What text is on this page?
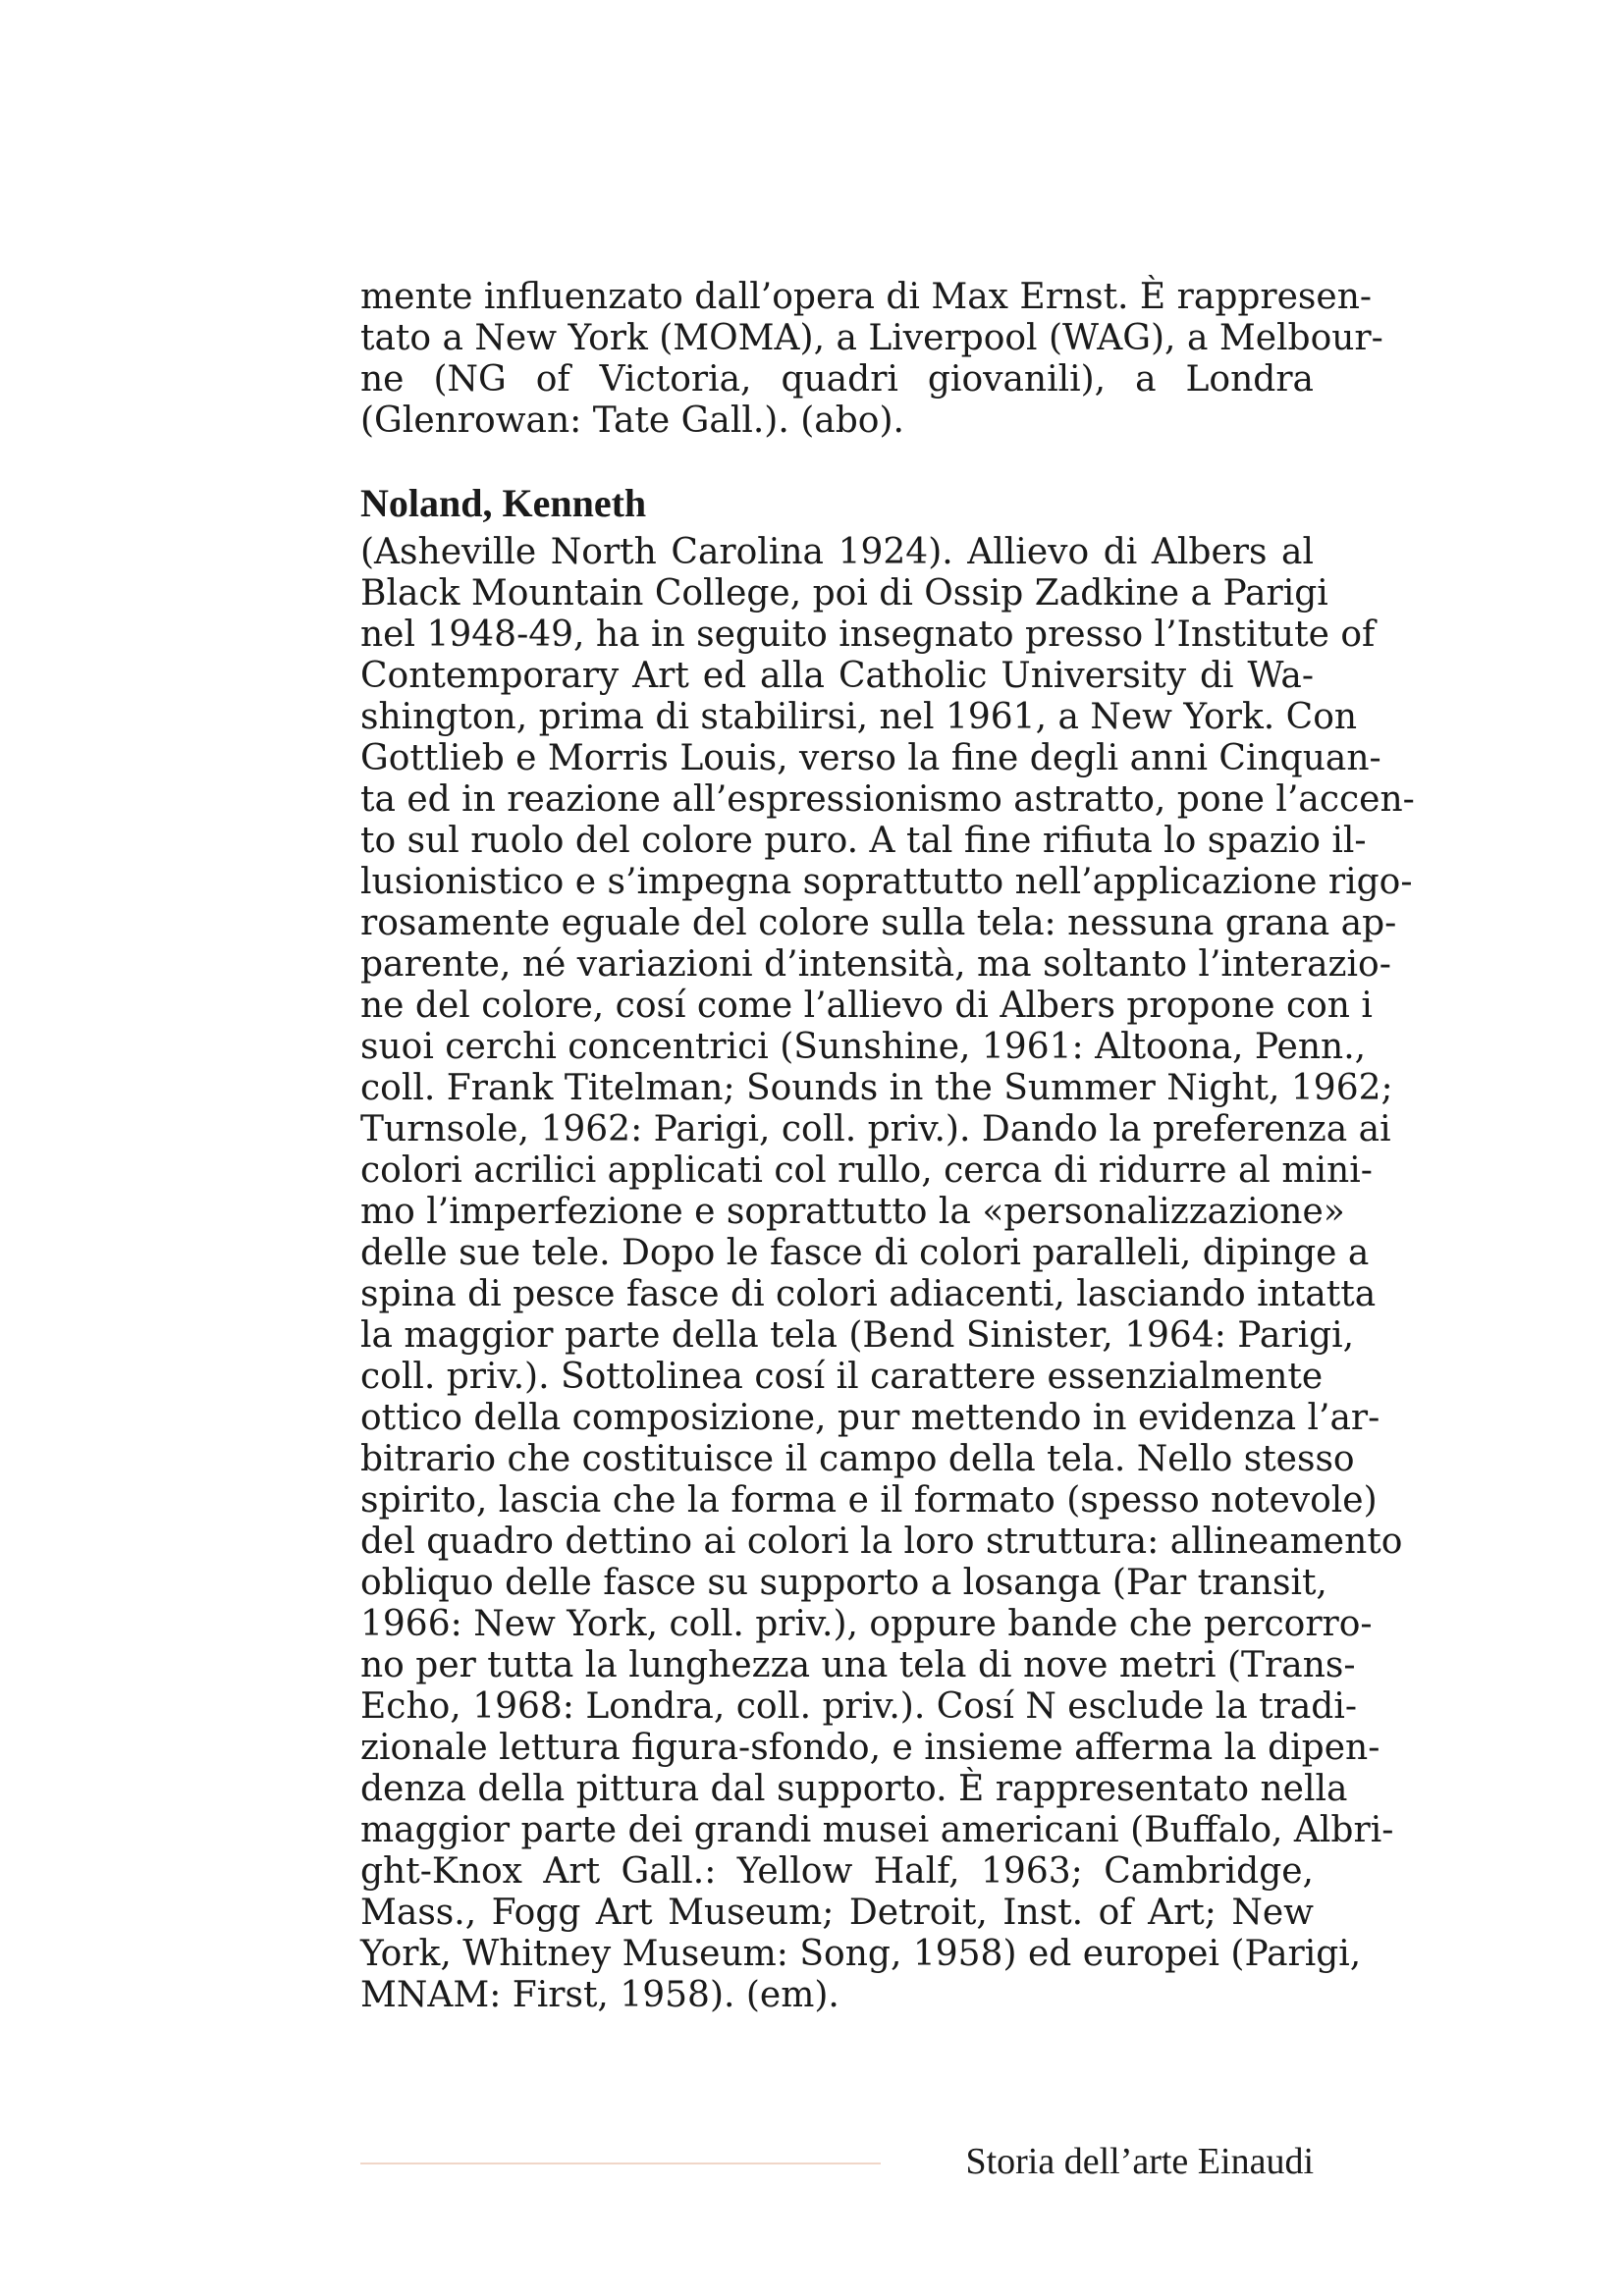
mente influenzato dall’opera di Max Ernst. È rappresen-
tato a New York (MOMA), a Liverpool (WAG), a Melbour-
ne (NG of Victoria, quadri giovanili), a Londra
(Glenrowan: Tate Gall.). (abo).
Noland, Kenneth
(Asheville North Carolina 1924). Allievo di Albers al
Black Mountain College, poi di Ossip Zadkine a Parigi
nel 1948-49, ha in seguito insegnato presso l’Institute of
Contemporary Art ed alla Catholic University di Wa-
shington, prima di stabilirsi, nel 1961, a New York. Con
Gottlieb e Morris Louis, verso la fine degli anni Cinquan-
ta ed in reazione all’espressionismo astratto, pone l’accen-
to sul ruolo del colore puro. A tal fine rifiuta lo spazio il-
lusionistico e s’impegna soprattutto nell’applicazione rigo-
rosamente eguale del colore sulla tela: nessuna grana ap-
parente, né variazioni d’intensità, ma soltanto l’interazio-
ne del colore, cosí come l’allievo di Albers propone con i
suoi cerchi concentrici (Sunshine, 1961: Altoona, Penn.,
coll. Frank Titelman; Sounds in the Summer Night, 1962;
Turnsole, 1962: Parigi, coll. priv.). Dando la preferenza ai
colori acrilici applicati col rullo, cerca di ridurre al mini-
mo l’imperfezione e soprattutto la «personalizzazione»
delle sue tele. Dopo le fasce di colori paralleli, dipinge a
spina di pesce fasce di colori adiacenti, lasciando intatta
la maggior parte della tela (Bend Sinister, 1964: Parigi,
coll. priv.). Sottolinea cosí il carattere essenzialmente
ottico della composizione, pur mettendo in evidenza l’ar-
bitrario che costituisce il campo della tela. Nello stesso
spirito, lascia che la forma e il formato (spesso notevole)
del quadro dettino ai colori la loro struttura: allineamento
obliquo delle fasce su supporto a losanga (Par transit,
1966: New York, coll. priv.), oppure bande che percorro-
no per tutta la lunghezza una tela di nove metri (Trans-
Echo, 1968: Londra, coll. priv.). Cosí N esclude la tradi-
zionale lettura figura-sfondo, e insieme afferma la dipen-
denza della pittura dal supporto. È rappresentato nella
maggior parte dei grandi musei americani (Buffalo, Albri-
ght-Knox Art Gall.: Yellow Half, 1963; Cambridge,
Mass., Fogg Art Museum; Detroit, Inst. of Art; New
York, Whitney Museum: Song, 1958) ed europei (Parigi,
MNAM: First, 1958). (em).
Storia dell’arte Einaudi
